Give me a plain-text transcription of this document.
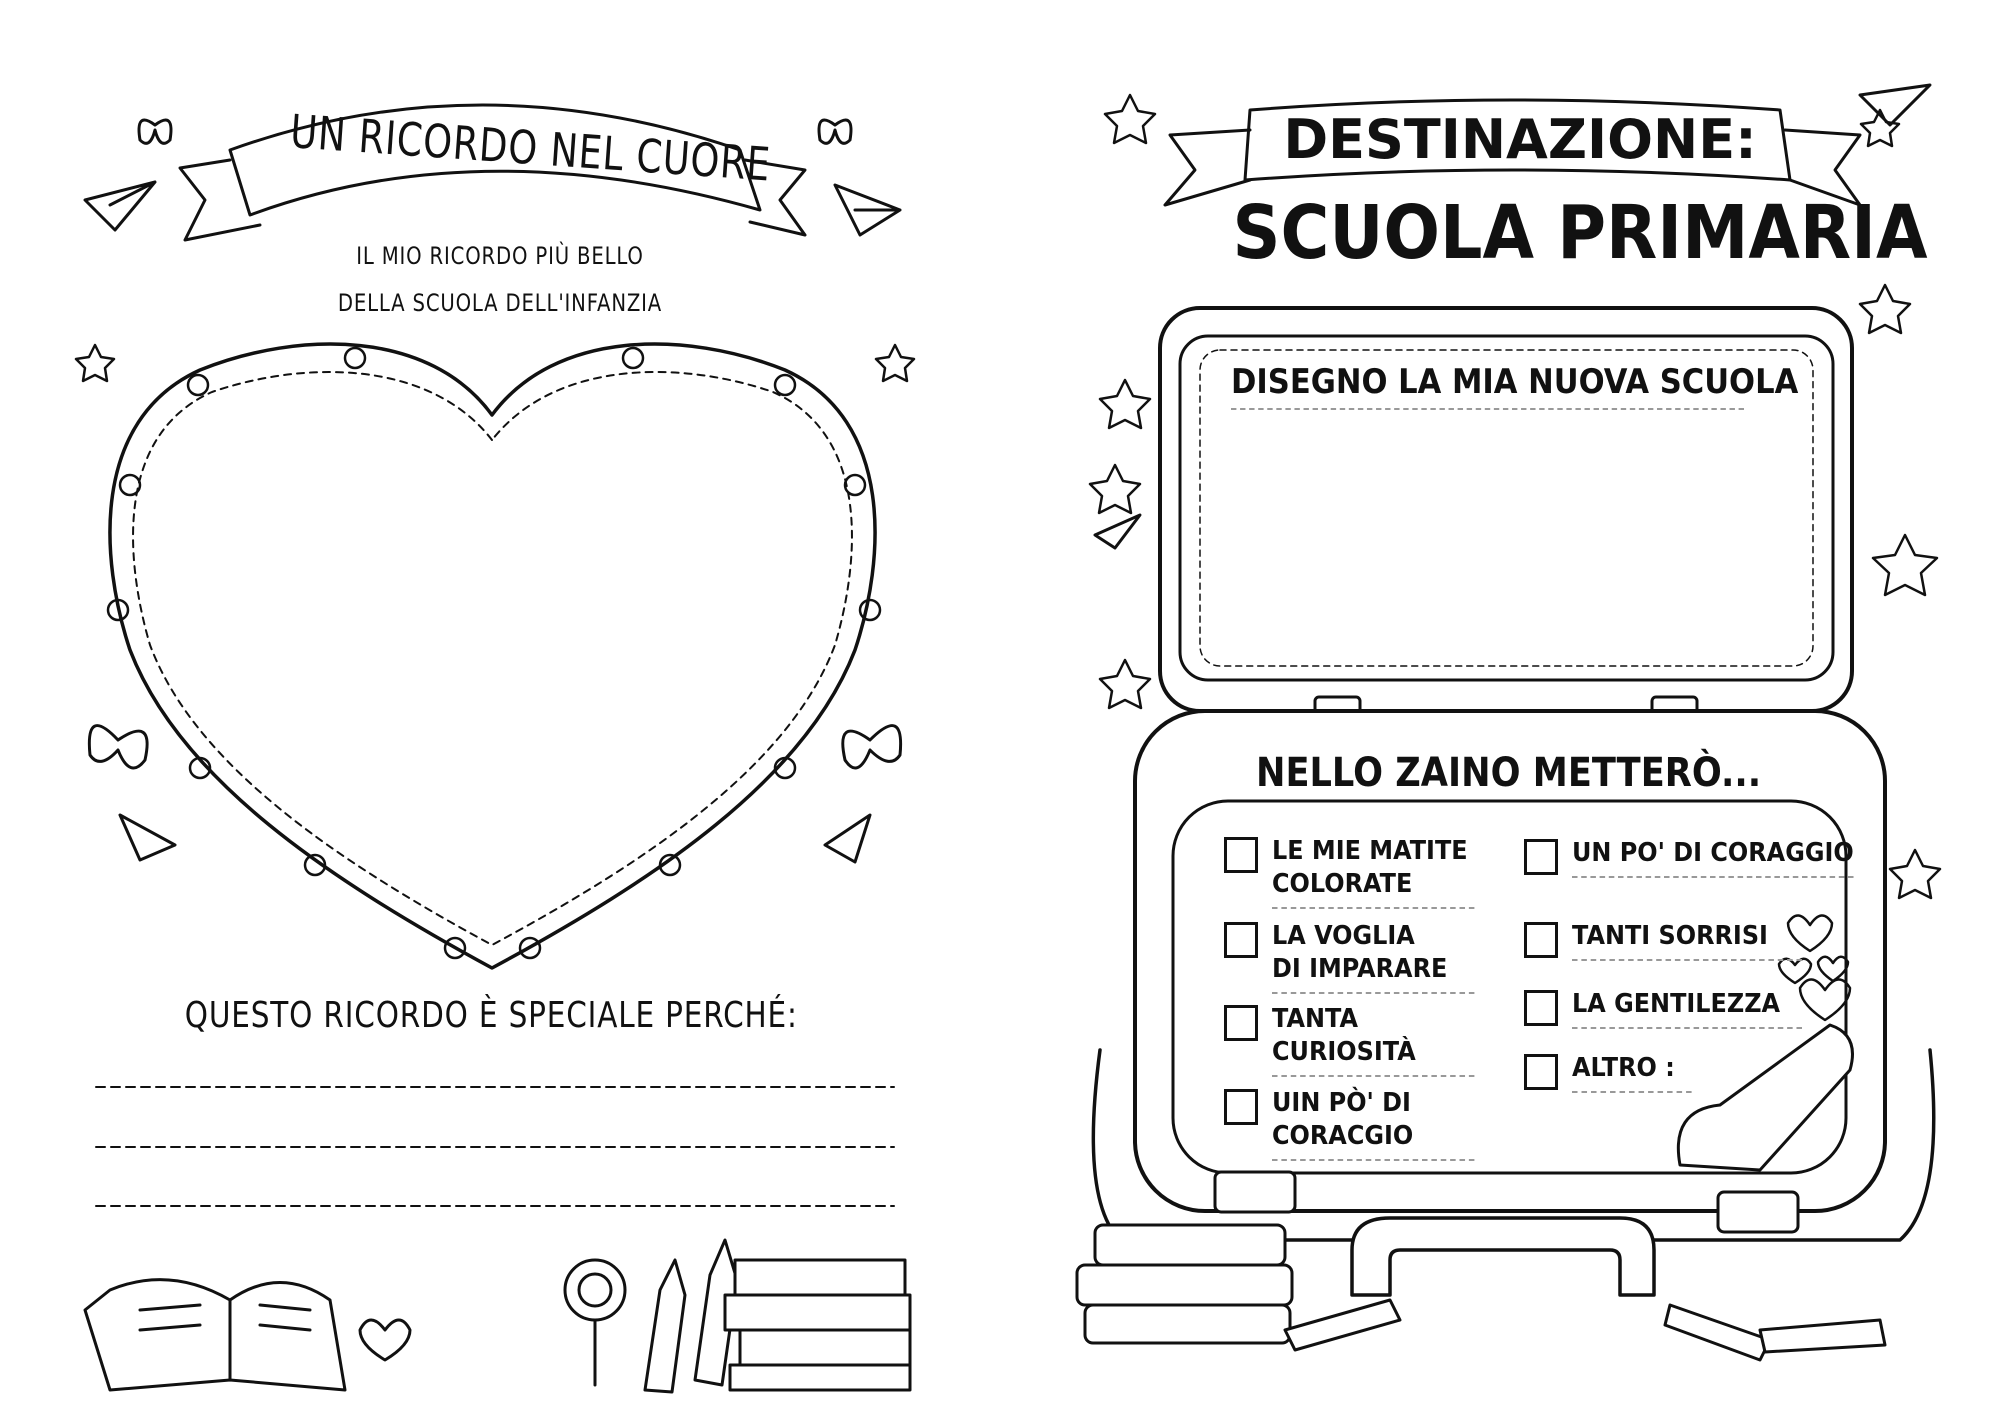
UN RICORDO NEL CUORE
IL MIO RICORDO PIÙ BELLO
DELLA SCUOLA DELL'INFANZIA
QUESTO RICORDO È SPECIALE PERCHÉ:
DESTINAZIONE:
SCUOLA PRIMARIA
DISEGNO LA MIA NUOVA SCUOLA
NELLO ZAINO METTERÒ...
LE MIE MATITE
COLORATE
LA VOGLIA
DI IMPARARE
TANTA
CURIOSITÀ
UIN PÒ' DI
CORACGIO
UN PO' DI CORAGGIO
TANTI SORRISI
LA GENTILEZZA
ALTRO :
